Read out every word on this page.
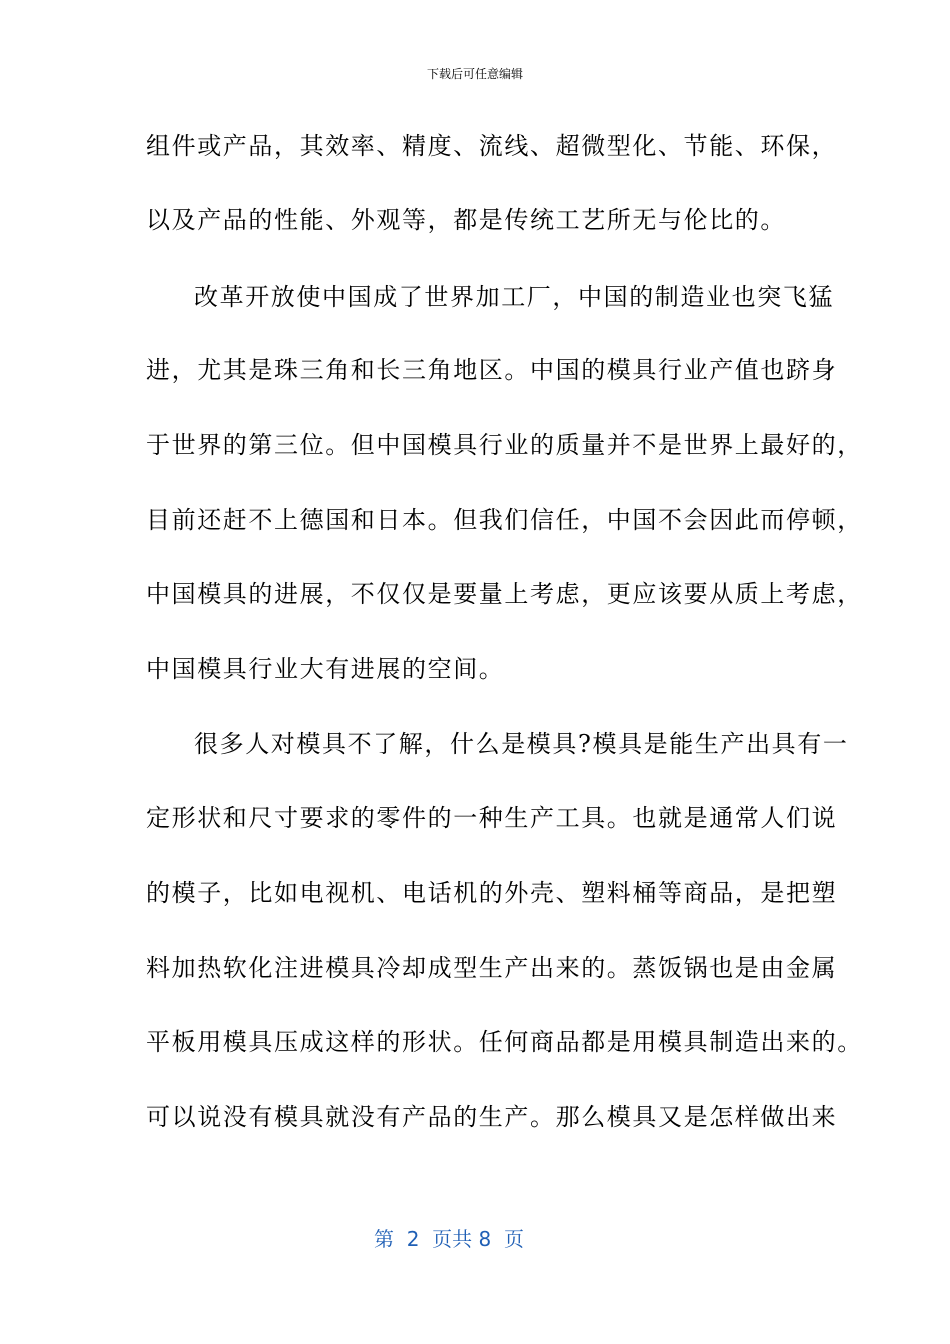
下载后可任意编辑
组件或产品，其效率、精度、流线、超微型化、节能、环保，
以及产品的性能、外观等，都是传统工艺所无与伦比的。
改革开放使中国成了世界加工厂，中国的制造业也突飞猛
进，尤其是珠三角和长三角地区。中国的模具行业产值也跻身
于世界的第三位。但中国模具行业的质量并不是世界上最好的，
目前还赶不上德国和日本。但我们信任，中国不会因此而停顿，
中国模具的进展，不仅仅是要量上考虑，更应该要从质上考虑，
中国模具行业大有进展的空间。
很多人对模具不了解，什么是模具?模具是能生产出具有一
定形状和尺寸要求的零件的一种生产工具。也就是通常人们说
的模子，比如电视机、电话机的外壳、塑料桶等商品，是把塑
料加热软化注进模具冷却成型生产出来的。蒸饭锅也是由金属
平板用模具压成这样的形状。任何商品都是用模具制造出来的。
可以说没有模具就没有产品的生产。那么模具又是怎样做出来
第  2  页共 8  页
